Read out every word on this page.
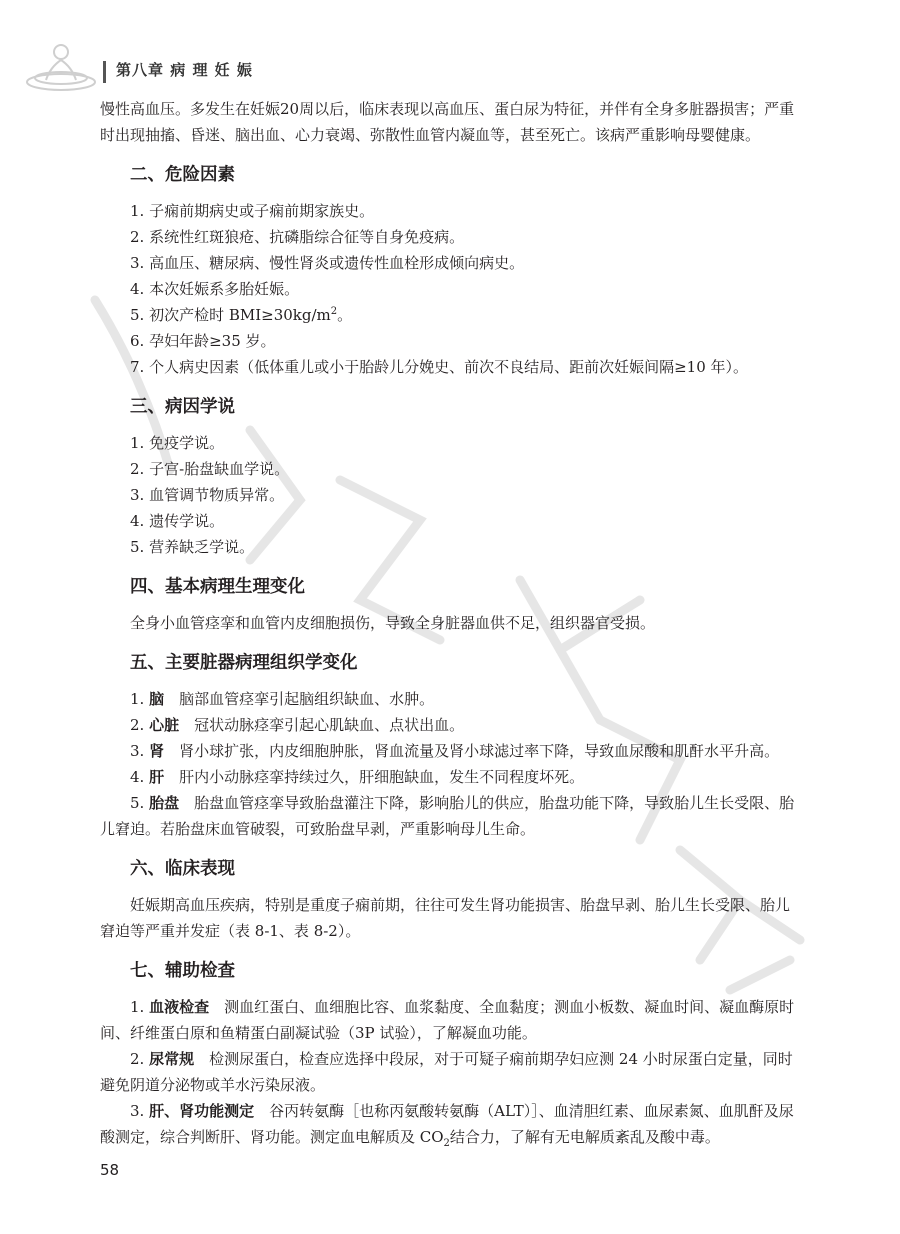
第八章 病 理 妊 娠

慢性高血压。多发生在妊娠20周以后，临床表现以高血压、蛋白尿为特征，并伴有全身多脏器损害；严重时出现抽搐、昏迷、脑出血、心力衰竭、弥散性血管内凝血等，甚至死亡。该病严重影响母婴健康。

二、危险因素

1. 子痫前期病史或子痫前期家族史。

2. 系统性红斑狼疮、抗磷脂综合征等自身免疫病。

3. 高血压、糖尿病、慢性肾炎或遗传性血栓形成倾向病史。

4. 本次妊娠系多胎妊娠。

5. 初次产检时 $BMI\ge 30kg/m^2$。

6. 孕妇年龄≥35 岁。

7. 个人病史因素（低体重儿或小于胎龄儿分娩史、前次不良结局、距前次妊娠间隔≥10 年）。

三、病因学说

1. 免疫学说。

2. 子宫-胎盘缺血学说。

3. 血管调节物质异常。

4. 遗传学说。

5. 营养缺乏学说。

四、基本病理生理变化

全身小血管痉挛和血管内皮细胞损伤，导致全身脏器血供不足，组织器官受损。

五、主要脏器病理组织学变化

1. 脑　 脑部血管痉挛引起脑组织缺血、水肿。

2. 心脏　 冠状动脉痉挛引起心肌缺血、点状出血。

3. 肾　 肾小球扩张，内皮细胞肿胀，肾血流量及肾小球滤过率下降，导致血尿酸和肌酐水平升高。

4. 肝　 肝内小动脉痉挛持续过久，肝细胞缺血，发生不同程度坏死。

5. 胎盘　 胎盘血管痉挛导致胎盘灌注下降，影响胎儿的供应，胎盘功能下降，导致胎儿生长受限、胎儿窘迫。若胎盘床血管破裂，可致胎盘早剥，严重影响母儿生命。

六、临床表现

妊娠期高血压疾病，特别是重度子痫前期，往往可发生肾功能损害、胎盘早剥、胎儿生长受限、胎儿窘迫等严重并发症（表 8-1、表 8-2）。

七、辅助检查

1. 血液检查　 测血红蛋白、血细胞比容、血浆黏度、全血黏度；测血小板数、凝血时间、凝血酶原时间、纤维蛋白原和鱼精蛋白副凝试验（3P 试验），了解凝血功能。

2. 尿常规　 检测尿蛋白，检查应选择中段尿，对于可疑子痫前期孕妇应测 24 小时尿蛋白定量，同时避免阴道分泌物或羊水污染尿液。

3. 肝、肾功能测定　 谷丙转氨酶［也称丙氨酸转氨酶（ALT）］、血清胆红素、血尿素氮、血肌酐及尿酸测定，综合判断肝、肾功能。测定血电解质及 $CO_2$结合力，了解有无电解质紊乱及酸中毒。

58
